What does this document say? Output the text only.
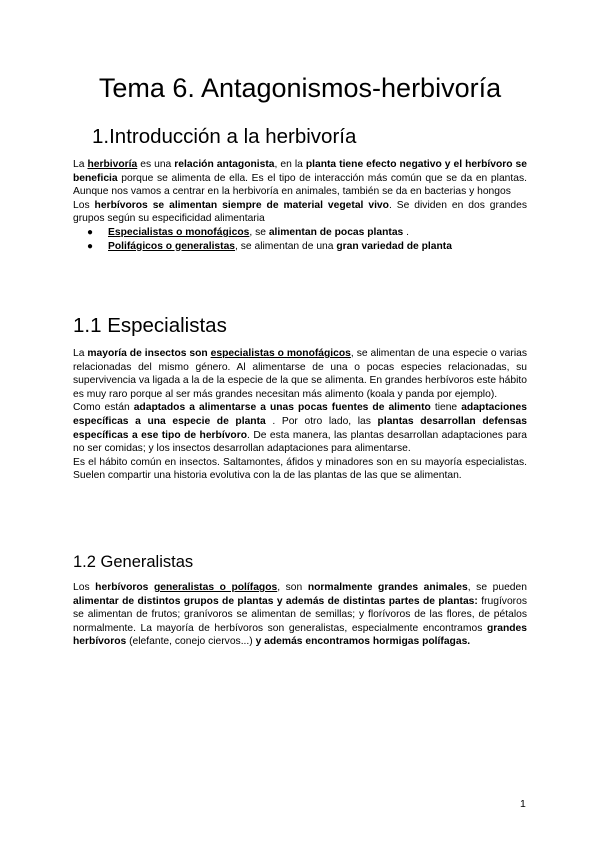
Tema 6. Antagonismos-herbivoría
1.Introducción a la herbivoría

La herbivoría es una relación antagonista, en la planta tiene efecto negativo y el herbívoro se beneficia porque se alimenta de ella. Es el tipo de interacción más común que se da en plantas. Aunque nos vamos a centrar en la herbivoría en animales, también se da en bacterias y hongos

Los herbívoros se alimentan siempre de material vegetal vivo. Se dividen en dos grandes grupos según su especificidad alimentaria

● Especialistas o monofágicos, se alimentan de pocas plantas .
● Polifágicos o generalistas, se alimentan de una gran variedad de planta
1.1 Especialistas

La mayoría de insectos son especialistas o monofágicos, se alimentan de una especie o varias relacionadas del mismo género. Al alimentarse de una o pocas especies relacionadas, su supervivencia va ligada a la de la especie de la que se alimenta. En grandes herbívoros este hábito es muy raro porque al ser más grandes necesitan más alimento (koala y panda por ejemplo).

Como están adaptados a alimentarse a unas pocas fuentes de alimento tiene adaptaciones específicas a una especie de planta . Por otro lado, las plantas desarrollan defensas específicas a ese tipo de herbívoro. De esta manera, las plantas desarrollan adaptaciones para no ser comidas; y los insectos desarrollan adaptaciones para alimentarse.

Es el hábito común en insectos. Saltamontes, áfidos y minadores son en su mayoría especialistas. Suelen compartir una historia evolutiva con la de las plantas de las que se alimentan.

1.2 Generalistas

Los herbívoros generalistas o polífagos, son normalmente grandes animales, se pueden alimentar de distintos grupos de plantas y además de distintas partes de plantas: frugívoros se alimentan de frutos; granívoros se alimentan de semillas; y florívoros de las flores, de pétalos normalmente. La mayoría de herbívoros son generalistas, especialmente encontramos grandes herbívoros (elefante, conejo ciervos...) y además encontramos hormigas polífagas.

1
